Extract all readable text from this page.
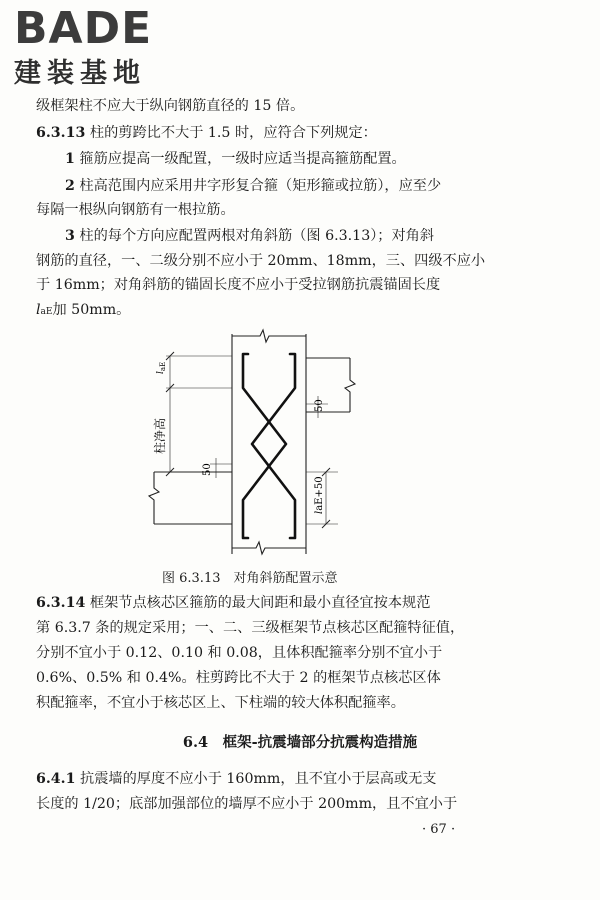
BADE
建装基地
级框架柱不应大于纵向钢筋直径的 15 倍。
6.3.13 柱的剪跨比不大于 1.5 时，应符合下列规定：
1 箍筋应提高一级配置，一级时应适当提高箍筋配置。
2 柱高范围内应采用井字形复合箍（矩形箍或拉筋），应至少
每隔一根纵向钢筋有一根拉筋。
3 柱的每个方向应配置两根对角斜筋（图 6.3.13）；对角斜
钢筋的直径，一、二级分别不应小于 20mm、18mm，三、四级不应小
于 16mm；对角斜筋的锚固长度不应小于受拉钢筋抗震锚固长度
laE加 50mm。
$l_{aE}$
50
柱净高
50
laE+50
图 6.3.13　对角斜筋配置示意
6.3.14 框架节点核芯区箍筋的最大间距和最小直径宜按本规范
第 6.3.7 条的规定采用；一、二、三级框架节点核芯区配箍特征值，
分别不宜小于 0.12、0.10 和 0.08，且体积配箍率分别不宜小于
0.6%、0.5% 和 0.4%。柱剪跨比不大于 2 的框架节点核芯区体
积配箍率，不宜小于核芯区上、下柱端的较大体积配箍率。
6.4　框架-抗震墙部分抗震构造措施
6.4.1 抗震墙的厚度不应小于 160mm，且不宜小于层高或无支
长度的 1/20；底部加强部位的墙厚不应小于 200mm，且不宜小于
· 67 ·
